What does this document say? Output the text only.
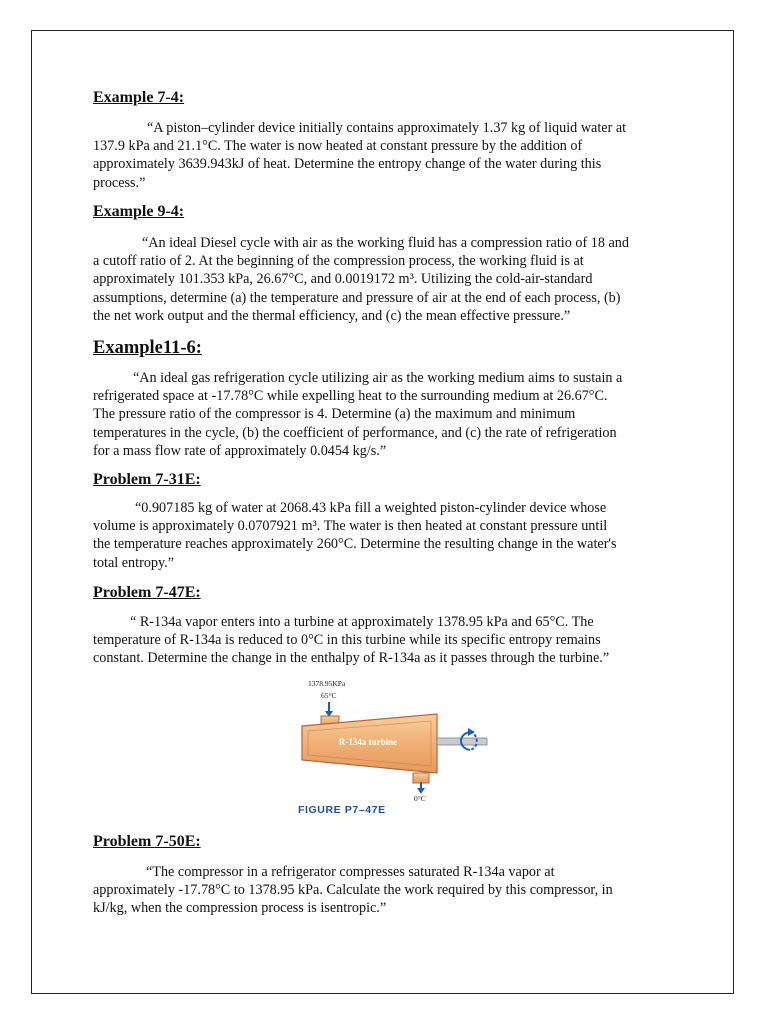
Example 7-4:

“A piston–cylinder device initially contains approximately 1.37 kg of liquid water at
137.9 kPa and 21.1°C. The water is now heated at constant pressure by the addition of
approximately 3639.943kJ of heat. Determine the entropy change of the water during this
process.”

Example 9-4:

“An ideal Diesel cycle with air as the working fluid has a compression ratio of 18 and
a cutoff ratio of 2. At the beginning of the compression process, the working fluid is at
approximately 101.353 kPa, 26.67°C, and 0.0019172 m³. Utilizing the cold-air-standard
assumptions, determine (a) the temperature and pressure of air at the end of each process, (b)
the net work output and the thermal efficiency, and (c) the mean effective pressure.”

Example11-6:

“An ideal gas refrigeration cycle utilizing air as the working medium aims to sustain a
refrigerated space at -17.78°C while expelling heat to the surrounding medium at 26.67°C.
The pressure ratio of the compressor is 4. Determine (a) the maximum and minimum
temperatures in the cycle, (b) the coefficient of performance, and (c) the rate of refrigeration
for a mass flow rate of approximately 0.0454 kg/s.”

Problem 7-31E:

“0.907185 kg of water at 2068.43 kPa fill a weighted piston-cylinder device whose
volume is approximately 0.0707921 m³. The water is then heated at constant pressure until
the temperature reaches approximately 260°C. Determine the resulting change in the water's
total entropy.”

Problem 7-47E:

“ R-134a vapor enters into a turbine at approximately 1378.95 kPa and 65°C. The
temperature of R-134a is reduced to 0°C in this turbine while its specific entropy remains
constant. Determine the change in the enthalpy of R-134a as it passes through the turbine.”

1378.95KPa
65°C
R-134a turbine
0°C
FIGURE P7–47E
Problem 7-50E:

“The compressor in a refrigerator compresses saturated R-134a vapor at
approximately -17.78°C to 1378.95 kPa. Calculate the work required by this compressor, in
kJ/kg, when the compression process is isentropic.”
